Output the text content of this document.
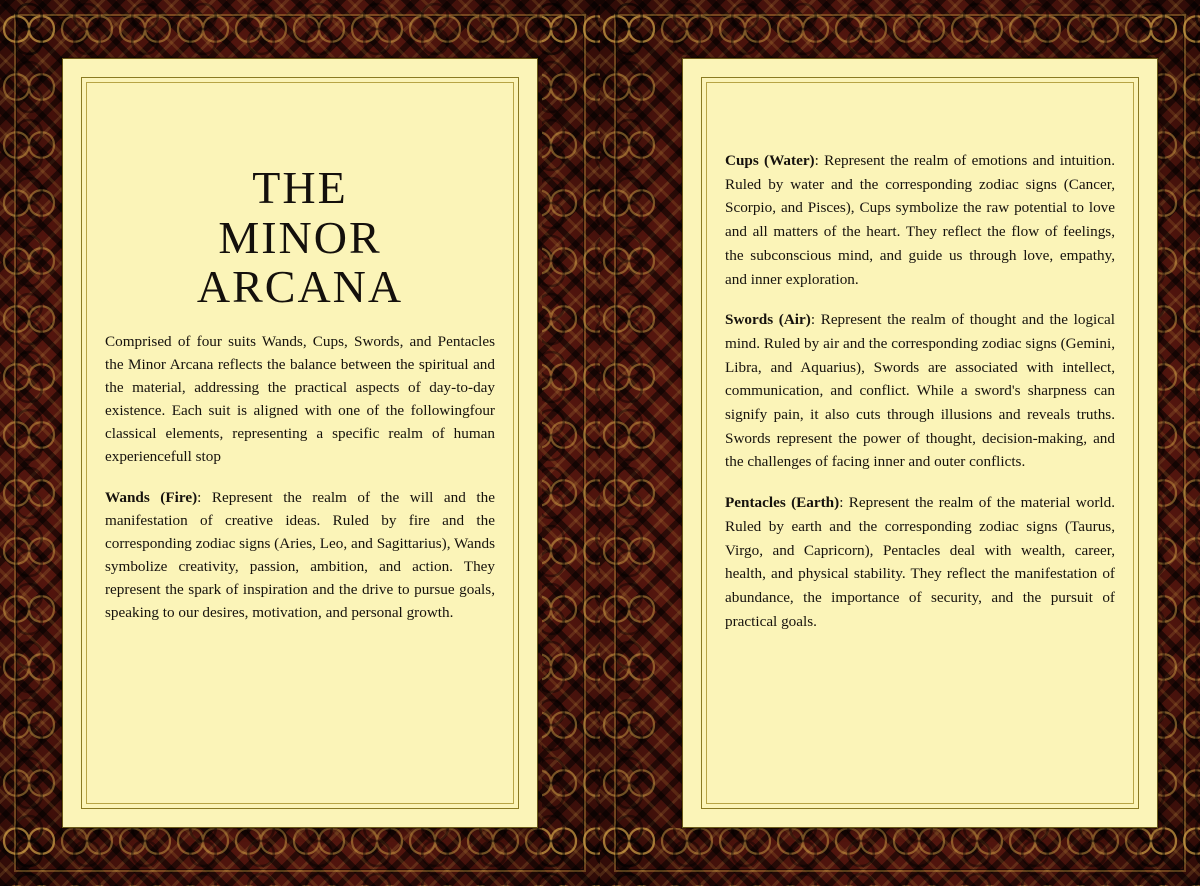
THE
MINOR
ARCANA

Comprised of four suits Wands, Cups, Swords, and Pentacles the Minor Arcana reflects the balance between the spiritual and the material, addressing the practical aspects of day-to-day existence. Each suit is aligned with one of the followingfour classical elements, representing a specific realm of human experiencefull stop

Wands (Fire): Represent the realm of the will and the manifestation of creative ideas. Ruled by fire and the corresponding zodiac signs (Aries, Leo, and Sagittarius), Wands symbolize creativity, passion, ambition, and action. They represent the spark of inspiration and the drive to pursue goals, speaking to our desires, motivation, and personal growth.

Cups (Water): Represent the realm of emotions and intuition. Ruled by water and the corresponding zodiac signs (Cancer, Scorpio, and Pisces), Cups symbolize the raw potential to love and all matters of the heart. They reflect the flow of feelings, the subconscious mind, and guide us through love, empathy, and inner exploration.

Swords (Air): Represent the realm of thought and the logical mind. Ruled by air and the corresponding zodiac signs (Gemini, Libra, and Aquarius), Swords are associated with intellect, communication, and conflict. While a sword's sharpness can signify pain, it also cuts through illusions and reveals truths. Swords represent the power of thought, decision-making, and the challenges of facing inner and outer conflicts.

Pentacles (Earth): Represent the realm of the material world. Ruled by earth and the corresponding zodiac signs (Taurus, Virgo, and Capricorn), Pentacles deal with wealth, career, health, and physical stability. They reflect the manifestation of abundance, the importance of security, and the pursuit of practical goals.
